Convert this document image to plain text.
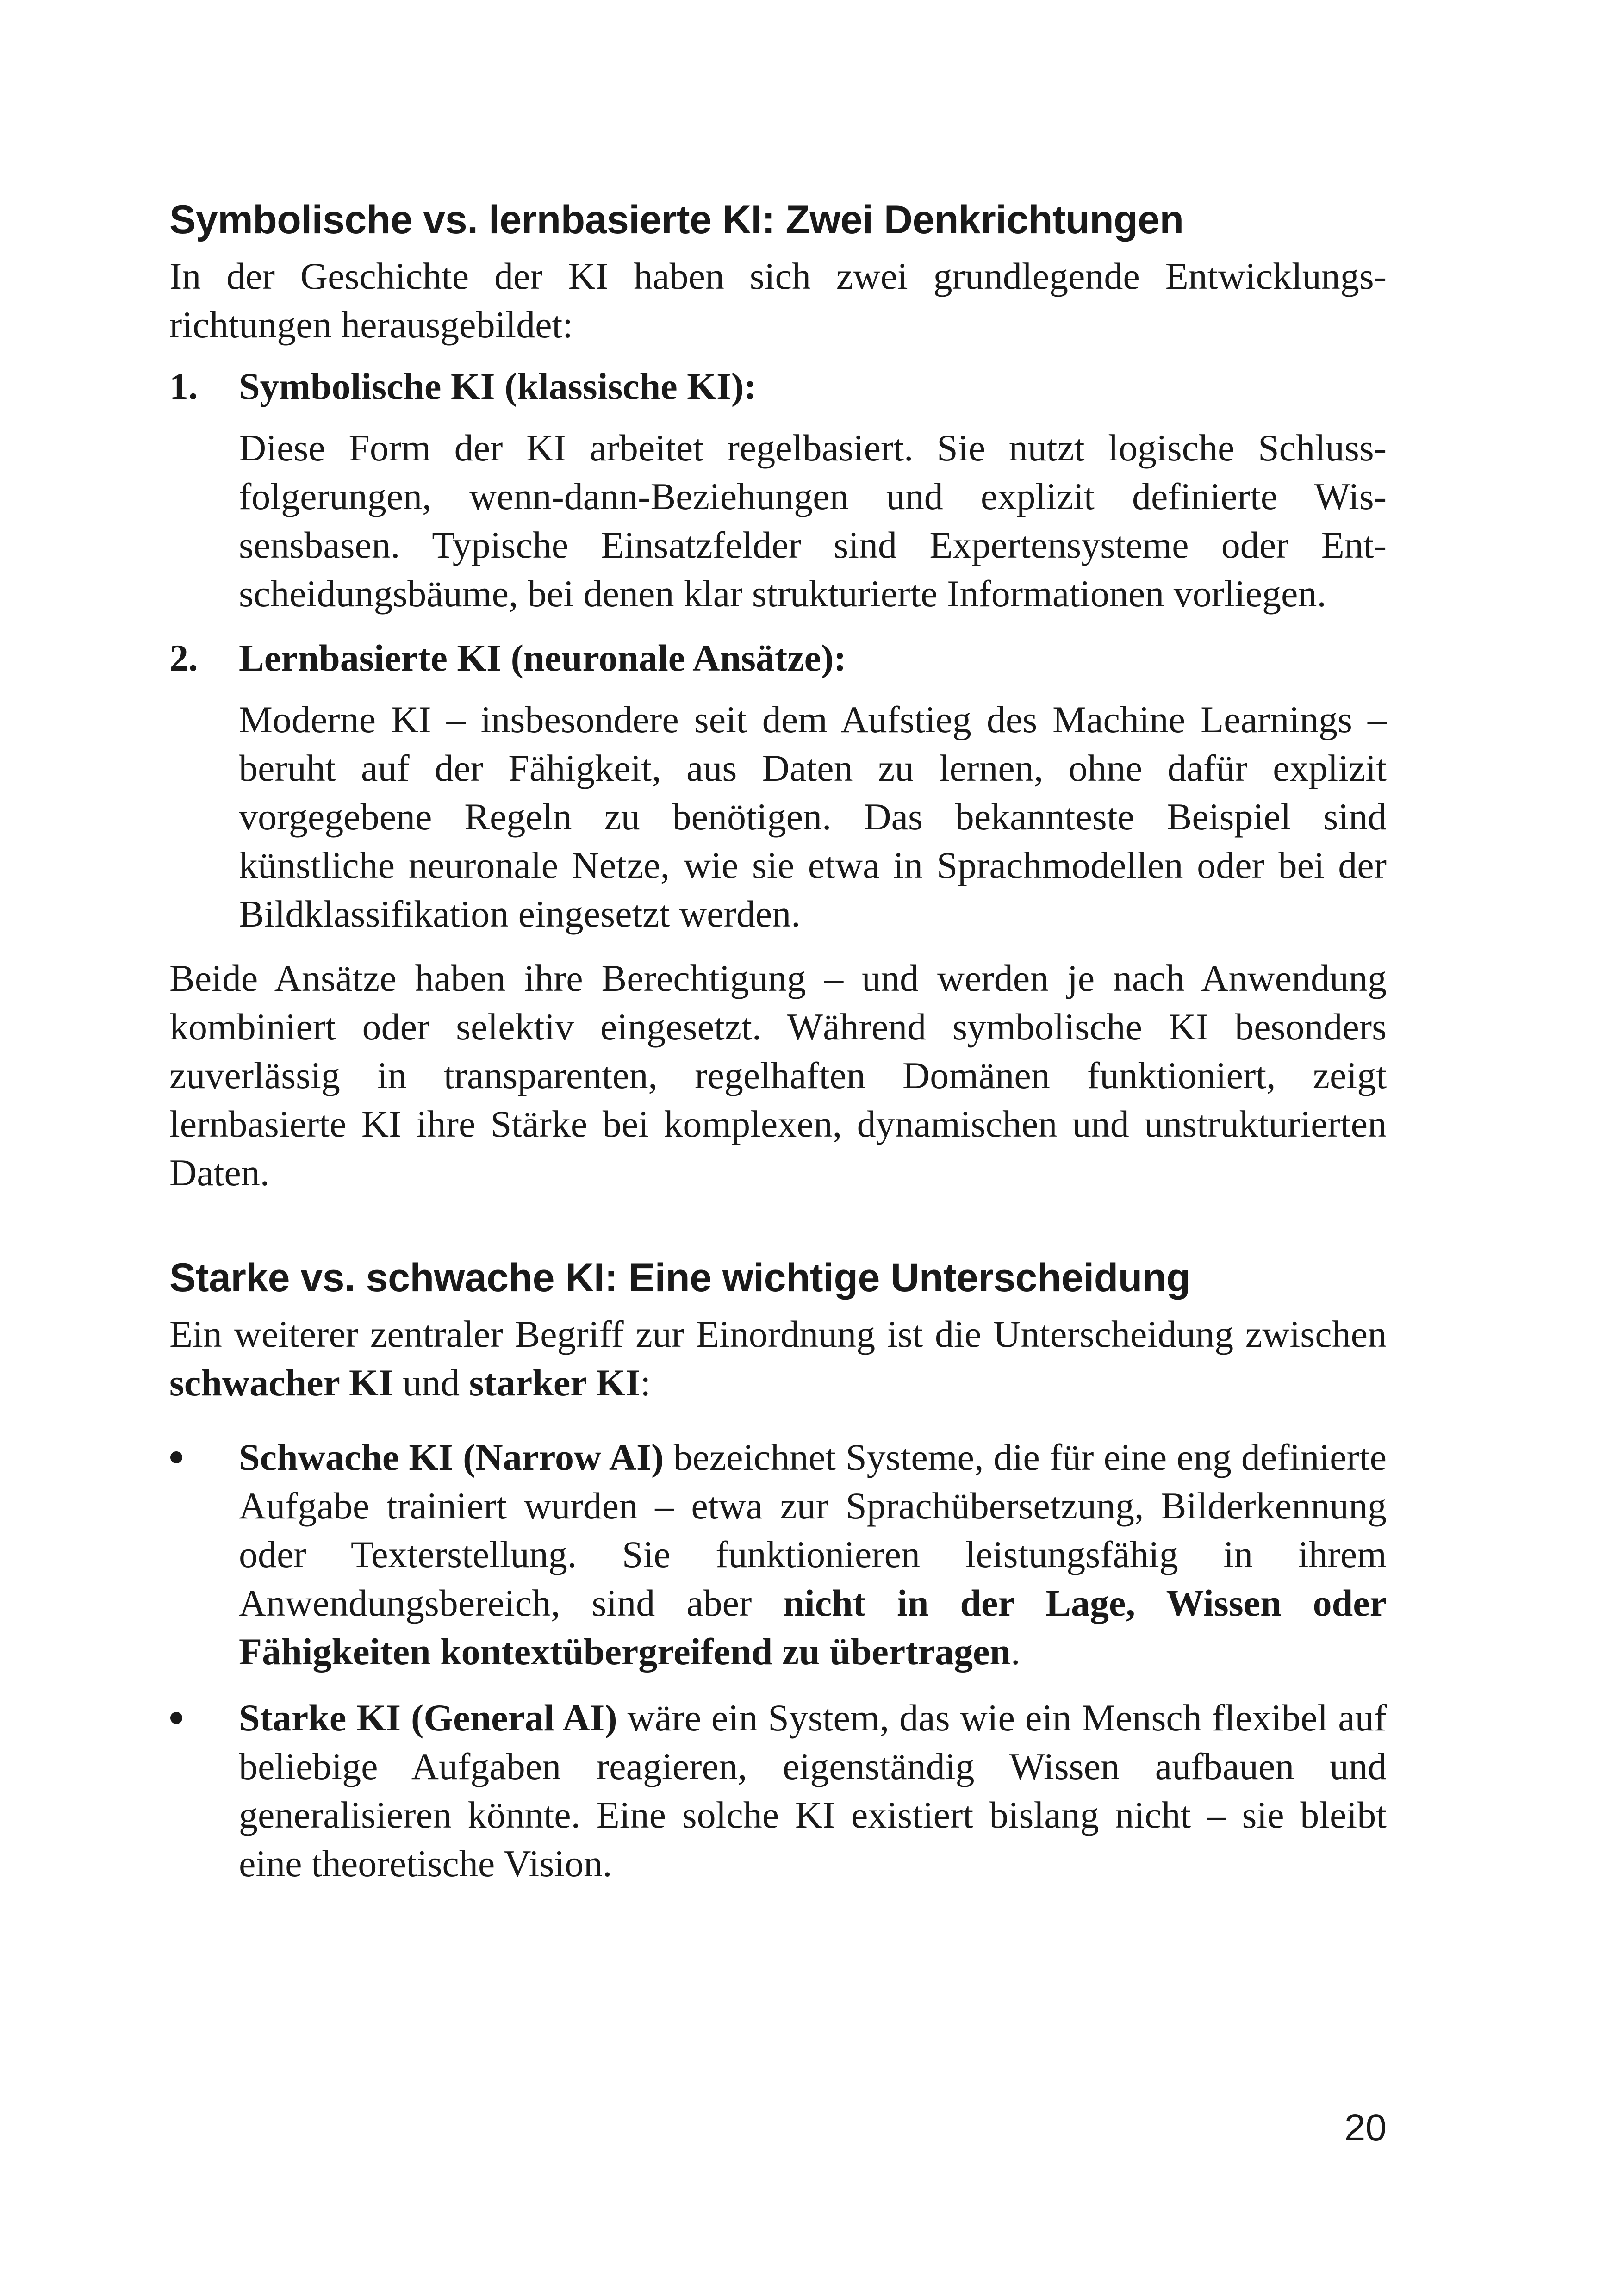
Symbolische vs. lernbasierte KI: Zwei Denkrichtungen

In der Geschichte der KI haben sich zwei grundlegende Entwicklungsrichtungen herausgebildet:

1. Symbolische KI (klassische KI):

Diese Form der KI arbeitet regelbasiert. Sie nutzt logische Schlussfolgerungen, wenn-dann-Beziehungen und explizit definierte Wissensbasen. Typische Einsatzfelder sind Expertensysteme oder Entscheidungsbäume, bei denen klar strukturierte Informationen vorliegen.

2. Lernbasierte KI (neuronale Ansätze):

Moderne KI – insbesondere seit dem Aufstieg des Machine Learnings – beruht auf der Fähigkeit, aus Daten zu lernen, ohne dafür explizit vorgegebene Regeln zu benötigen. Das bekannteste Beispiel sind künstliche neuronale Netze, wie sie etwa in Sprachmodellen oder bei der Bildklassifikation eingesetzt werden.

Beide Ansätze haben ihre Berechtigung – und werden je nach Anwendung kombiniert oder selektiv eingesetzt. Während symbolische KI besonders zuverlässig in transparenten, regelhaften Domänen funktioniert, zeigt lernbasierte KI ihre Stärke bei komplexen, dynamischen und unstrukturierten Daten.

Starke vs. schwache KI: Eine wichtige Unterscheidung

Ein weiterer zentraler Begriff zur Einordnung ist die Unterscheidung zwischen schwacher KI und starker KI:

Schwache KI (Narrow AI) bezeichnet Systeme, die für eine eng definierte Aufgabe trainiert wurden – etwa zur Sprachübersetzung, Bilderkennung oder Texterstellung. Sie funktionieren leistungsfähig in ihrem Anwendungsbereich, sind aber nicht in der Lage, Wissen oder Fähigkeiten kontextübergreifend zu übertragen.

Starke KI (General AI) wäre ein System, das wie ein Mensch flexibel auf beliebige Aufgaben reagieren, eigenständig Wissen aufbauen und generalisieren könnte. Eine solche KI existiert bislang nicht – sie bleibt eine theoretische Vision.

20
